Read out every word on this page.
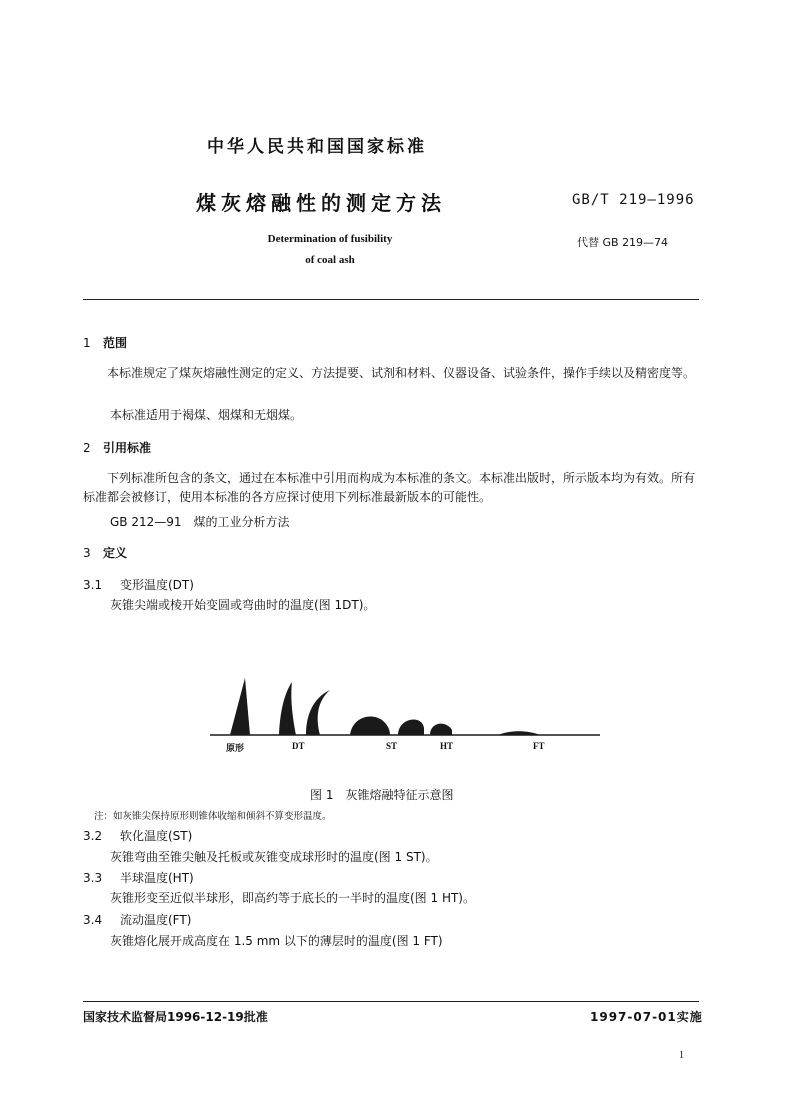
中华人民共和国国家标准
煤灰熔融性的测定方法	GB/T 219—1996
Determination of fusibility
of coal ash
代替 GB 219—74
1 范围
本标准规定了煤灰熔融性测定的定义、方法提要、试剂和材料、仪器设备、试验条件，操作手续以及精密度等。
本标准适用于褐煤、烟煤和无烟煤。
2 引用标准
下列标准所包含的条文，通过在本标准中引用而构成为本标准的条文。本标准出版时，所示版本均为有效。所有标准都会被修订，使用本标准的各方应探讨使用下列标准最新版本的可能性。
GB 212—91　煤的工业分析方法
3 定义
3.1 变形温度(DT)
灰锥尖端或棱开始变圆或弯曲时的温度(图 1DT)。
原形	DT	ST	HT	FT
图 1　灰锥熔融特征示意图
注：如灰锥尖保持原形则锥体收缩和倾斜不算变形温度。
3.2 软化温度(ST)
灰锥弯曲至锥尖触及托板或灰锥变成球形时的温度(图 1 ST)。
3.3 半球温度(HT)
灰锥形变至近似半球形，即高约等于底长的一半时的温度(图 1 HT)。
3.4 流动温度(FT)
灰锥熔化展开成高度在 1.5 mm 以下的薄层时的温度(图 1 FT)
国家技术监督局1996-12-19批准	1997-07-01实施
1
